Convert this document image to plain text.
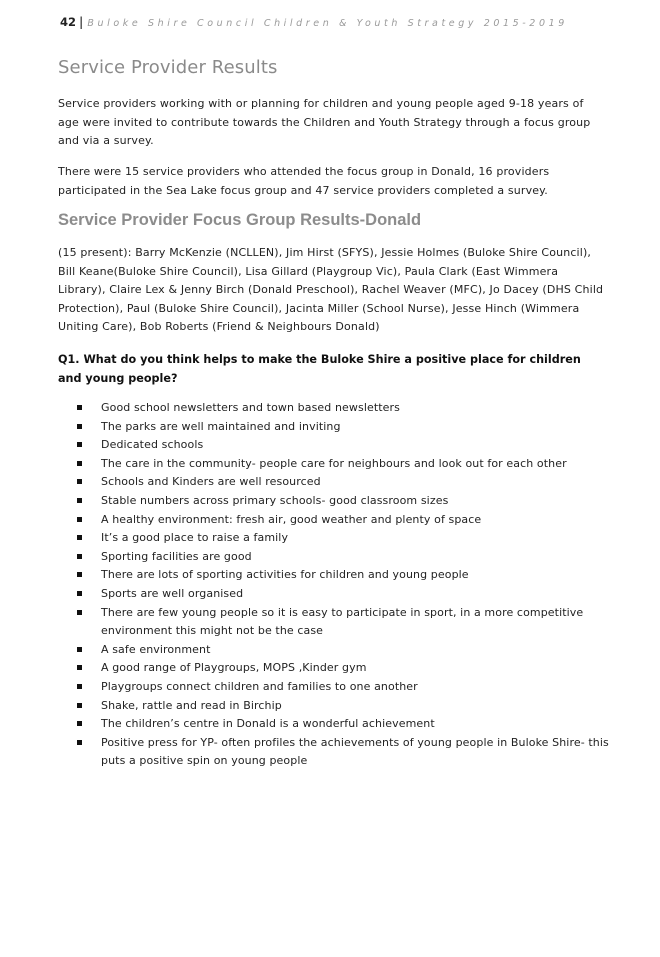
42 | Buloke Shire Council Children & Youth Strategy 2015-2019
Service Provider Results

Service providers working with or planning for children and young people aged 9-18 years of age were invited to contribute towards the Children and Youth Strategy through a focus group and via a survey.

There were 15 service providers who attended the focus group in Donald, 16 providers participated in the Sea Lake focus group and 47 service providers completed a survey.

Service Provider Focus Group Results-Donald

(15 present): Barry McKenzie (NCLLEN), Jim Hirst (SFYS), Jessie Holmes (Buloke Shire Council), Bill Keane(Buloke Shire Council), Lisa Gillard (Playgroup Vic), Paula Clark (East Wimmera Library), Claire Lex & Jenny Birch (Donald Preschool), Rachel Weaver (MFC), Jo Dacey (DHS Child Protection), Paul (Buloke Shire Council), Jacinta Miller (School Nurse), Jesse Hinch (Wimmera Uniting Care), Bob Roberts (Friend & Neighbours Donald)

Q1. What do you think helps to make the Buloke Shire a positive place for children and young people?

Good school newsletters and town based newsletters
The parks are well maintained and inviting
Dedicated schools
The care in the community- people care for neighbours and look out for each other
Schools and Kinders are well resourced
Stable numbers across primary schools- good classroom sizes
A healthy environment: fresh air, good weather and plenty of space
It’s a good place to raise a family
Sporting facilities are good
There are lots of sporting activities for children and young people
Sports are well organised
There are few young people so it is easy to participate in sport, in a more competitive environment this might not be the case
A safe environment
A good range of Playgroups, MOPS ,Kinder gym
Playgroups connect children and families to one another
Shake, rattle and read in Birchip
The children’s centre in Donald is a wonderful achievement
Positive press for YP- often profiles the achievements of young people in Buloke Shire- this puts a positive spin on young people
